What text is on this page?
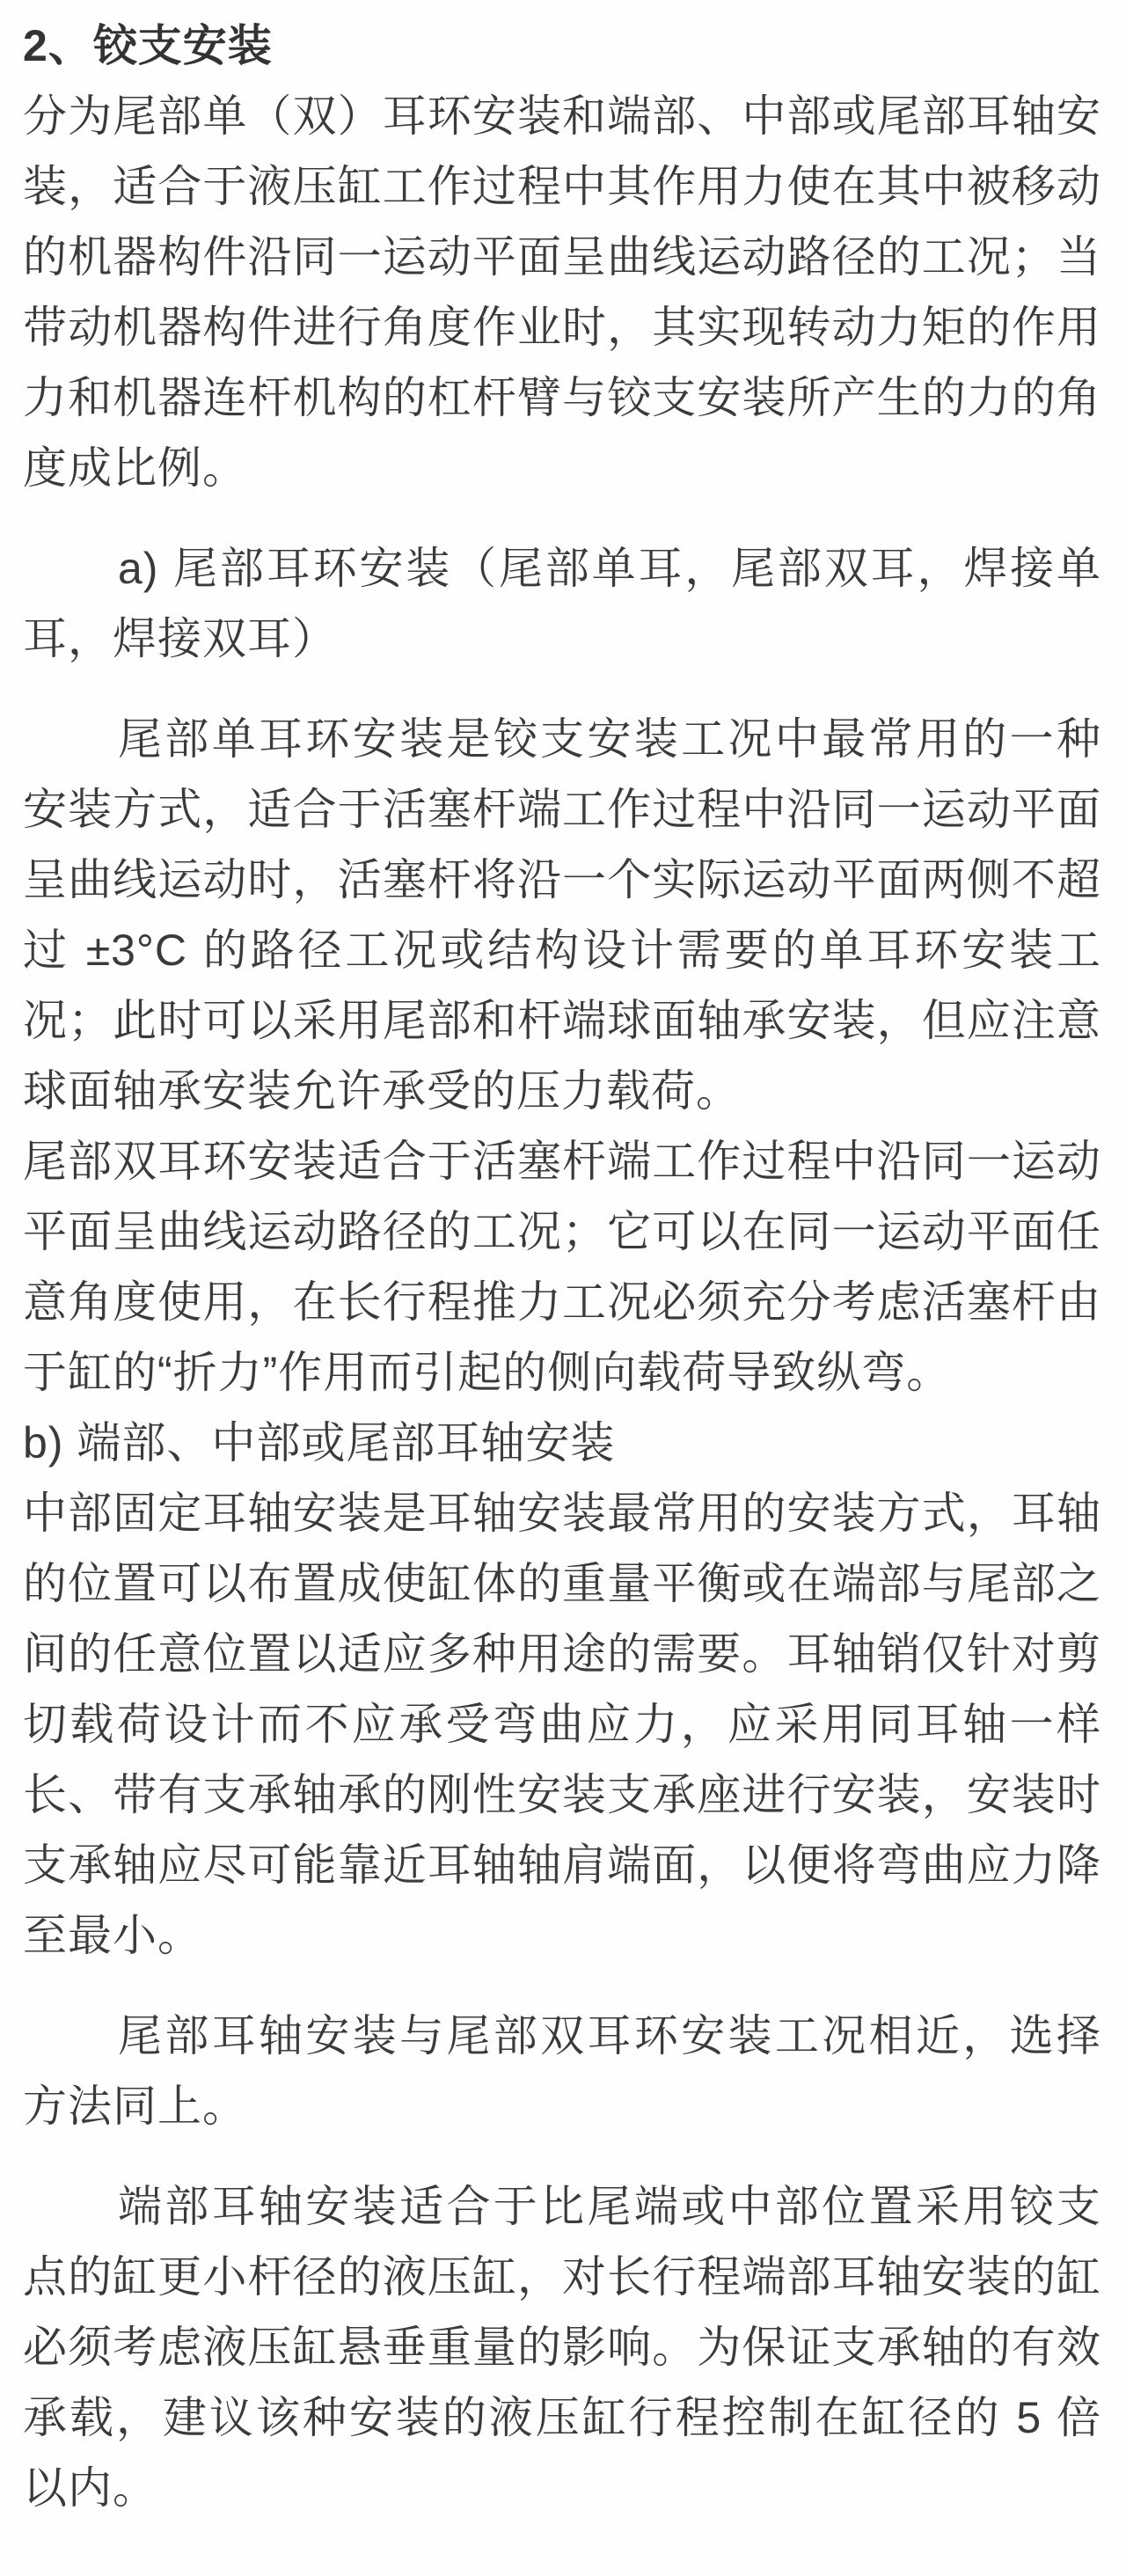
2、铰支安装

分为尾部单（双）耳环安装和端部、中部或尾部耳轴安装，适合于液压缸工作过程中其作用力使在其中被移动的机器构件沿同一运动平面呈曲线运动路径的工况；当带动机器构件进行角度作业时，其实现转动力矩的作用力和机器连杆机构的杠杆臂与铰支安装所产生的力的角度成比例。

a) 尾部耳环安装（尾部单耳，尾部双耳，焊接单耳，焊接双耳）

尾部单耳环安装是铰支安装工况中最常用的一种安装方式，适合于活塞杆端工作过程中沿同一运动平面呈曲线运动时，活塞杆将沿一个实际运动平面两侧不超过 ±3°C 的路径工况或结构设计需要的单耳环安装工况；此时可以采用尾部和杆端球面轴承安装，但应注意球面轴承安装允许承受的压力载荷。

尾部双耳环安装适合于活塞杆端工作过程中沿同一运动平面呈曲线运动路径的工况；它可以在同一运动平面任意角度使用，在长行程推力工况必须充分考虑活塞杆由于缸的“折力”作用而引起的侧向载荷导致纵弯。

b) 端部、中部或尾部耳轴安装

中部固定耳轴安装是耳轴安装最常用的安装方式，耳轴的位置可以布置成使缸体的重量平衡或在端部与尾部之间的任意位置以适应多种用途的需要。耳轴销仅针对剪切载荷设计而不应承受弯曲应力，应采用同耳轴一样长、带有支承轴承的刚性安装支承座进行安装，安装时支承轴应尽可能靠近耳轴轴肩端面，以便将弯曲应力降至最小。

尾部耳轴安装与尾部双耳环安装工况相近，选择方法同上。

端部耳轴安装适合于比尾端或中部位置采用铰支点的缸更小杆径的液压缸，对长行程端部耳轴安装的缸必须考虑液压缸悬垂重量的影响。为保证支承轴的有效承载，建议该种安装的液压缸行程控制在缸径的 5 倍以内。
